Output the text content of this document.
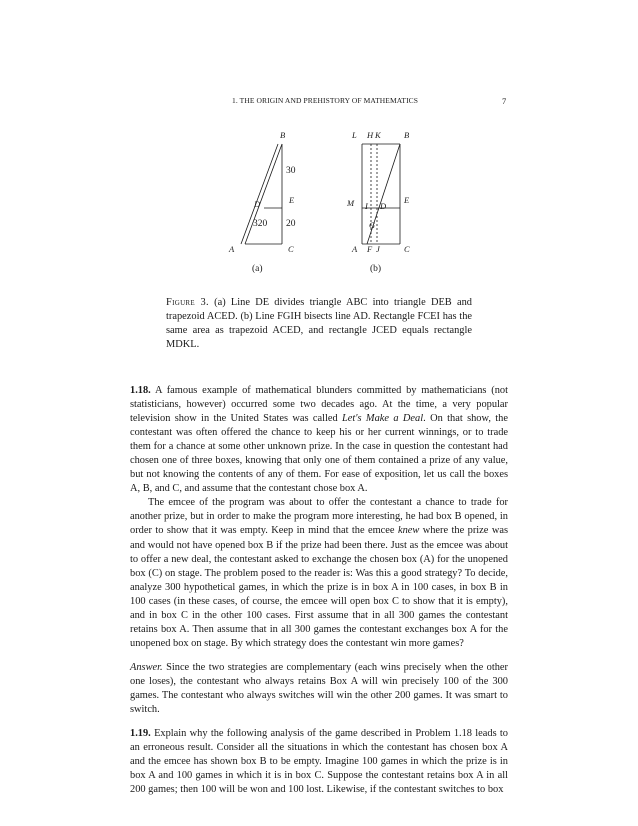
1. THE ORIGIN AND PREHISTORY OF MATHEMATICS	7
B
E
D
A	C
30
320 20
(a)
L H K	B
M I D
E
G
A F J	C
(b)
Figure 3. (a) Line DE divides triangle ABC into triangle DEB and trapezoid ACED. (b) Line FGIH bisects line AD. Rectangle FCEI has the same area as trapezoid ACED, and rectangle JCED equals rectangle MDKL.

1.18. A famous example of mathematical blunders committed by mathematicians (not statisticians, however) occurred some two decades ago. At the time, a very popular television show in the United States was called Let's Make a Deal. On that show, the contestant was often offered the chance to keep his or her current winnings, or to trade them for a chance at some other unknown prize. In the case in question the contestant had chosen one of three boxes, knowing that only one of them contained a prize of any value, but not knowing the contents of any of them. For ease of exposition, let us call the boxes A, B, and C, and assume that the contestant chose box A.

The emcee of the program was about to offer the contestant a chance to trade for another prize, but in order to make the program more interesting, he had box B opened, in order to show that it was empty. Keep in mind that the emcee knew where the prize was and would not have opened box B if the prize had been there. Just as the emcee was about to offer a new deal, the contestant asked to exchange the chosen box (A) for the unopened box (C) on stage. The problem posed to the reader is: Was this a good strategy? To decide, analyze 300 hypothetical games, in which the prize is in box A in 100 cases, in box B in 100 cases (in these cases, of course, the emcee will open box C to show that it is empty), and in box C in the other 100 cases. First assume that in all 300 games the contestant retains box A. Then assume that in all 300 games the contestant exchanges box A for the unopened box on stage. By which strategy does the contestant win more games?

Answer. Since the two strategies are complementary (each wins precisely when the other one loses), the contestant who always retains Box A will win precisely 100 of the 300 games. The contestant who always switches will win the other 200 games. It was smart to switch.

1.19. Explain why the following analysis of the game described in Problem 1.18 leads to an erroneous result. Consider all the situations in which the contestant has chosen box A and the emcee has shown box B to be empty. Imagine 100 games in which the prize is in box A and 100 games in which it is in box C. Suppose the contestant retains box A in all 200 games; then 100 will be won and 100 lost. Likewise, if the contestant switches to box
